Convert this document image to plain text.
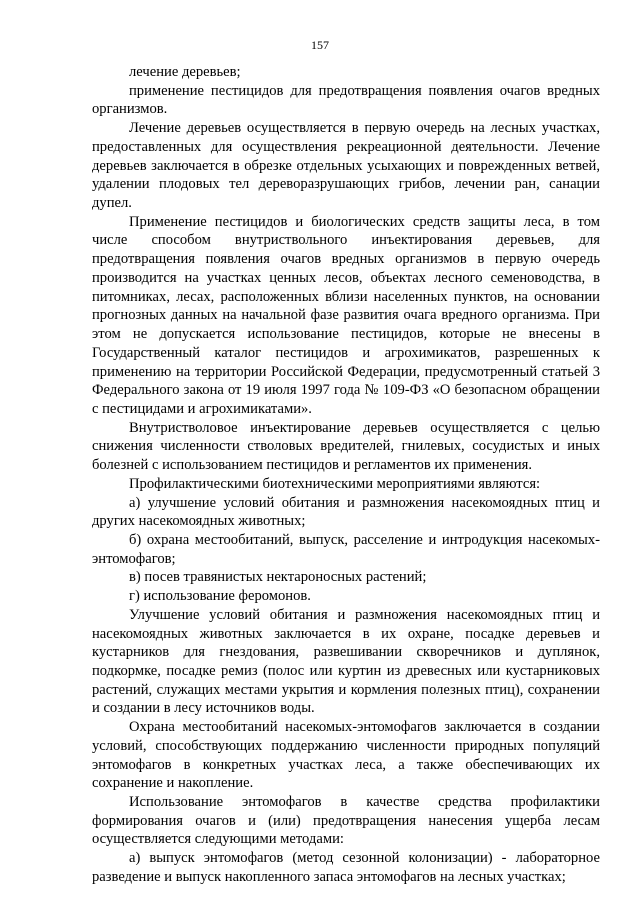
157

лечение деревьев;

применение пестицидов для предотвращения появления очагов вредных организмов.

Лечение деревьев осуществляется в первую очередь на лесных участках, предоставленных для осуществления рекреационной деятельности. Лечение деревьев заключается в обрезке отдельных усыхающих и поврежденных ветвей, удалении плодовых тел дереворазрушающих грибов, лечении ран, санации дупел.

Применение пестицидов и биологических средств защиты леса, в том числе способом внутриствольного инъектирования деревьев, для предотвращения появления очагов вредных организмов в первую очередь производится на участках ценных лесов, объектах лесного семеноводства, в питомниках, лесах, расположенных вблизи населенных пунктов, на основании прогнозных данных на начальной фазе развития очага вредного организма. При этом не допускается использование пестицидов, которые не внесены в Государственный каталог пестицидов и агрохимикатов, разрешенных к применению на территории Российской Федерации, предусмотренный статьей 3 Федерального закона от 19 июля 1997 года № 109-ФЗ «О безопасном обращении с пестицидами и агрохимикатами».

Внутристволовое инъектирование деревьев осуществляется с целью снижения численности стволовых вредителей, гнилевых, сосудистых и иных болезней с использованием пестицидов и регламентов их применения.

Профилактическими биотехническими мероприятиями являются:

а) улучшение условий обитания и размножения насекомоядных птиц и других насекомоядных животных;

б) охрана местообитаний, выпуск, расселение и интродукция насекомых-энтомофагов;

в) посев травянистых нектароносных растений;

г) использование феромонов.

Улучшение условий обитания и размножения насекомоядных птиц и насекомоядных животных заключается в их охране, посадке деревьев и кустарников для гнездования, развешивании скворечников и дуплянок, подкормке, посадке ремиз (полос или куртин из древесных или кустарниковых растений, служащих местами укрытия и кормления полезных птиц), сохранении и создании в лесу источников воды.

Охрана местообитаний насекомых-энтомофагов заключается в создании условий, способствующих поддержанию численности природных популяций энтомофагов в конкретных участках леса, а также обеспечивающих их сохранение и накопление.

Использование энтомофагов в качестве средства профилактики формирования очагов и (или) предотвращения нанесения ущерба лесам осуществляется следующими методами:

а) выпуск энтомофагов (метод сезонной колонизации) - лабораторное разведение и выпуск накопленного запаса энтомофагов на лесных участках;
